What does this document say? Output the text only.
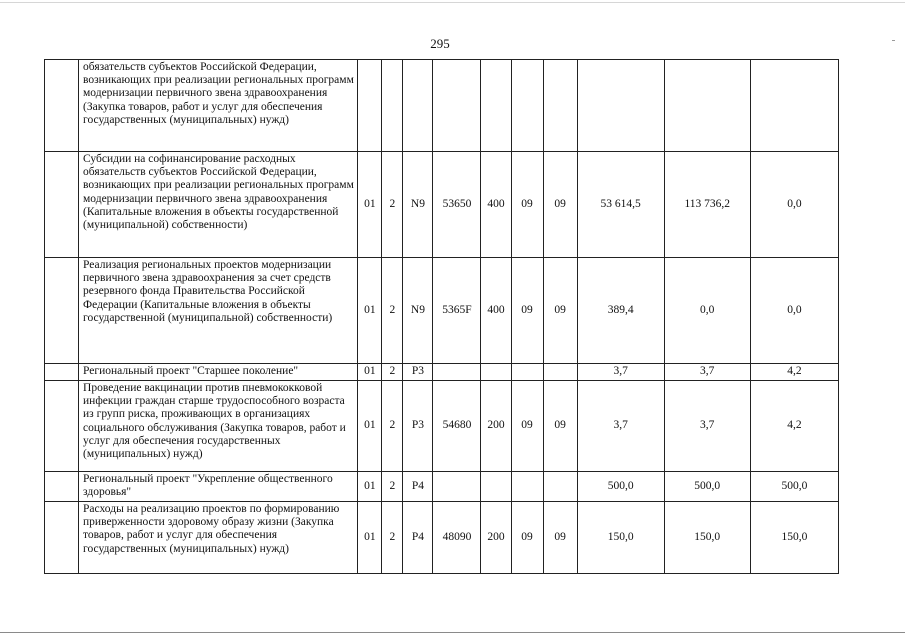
295
	обязательств субъектов Российской Федерации, возникающих при реализации региональных программ модернизации первичного звена здравоохранения (Закупка товаров, работ и услуг для обеспечения государственных (муниципальных) нужд)										
	Субсидии на софинансирование расходных обязательств субъектов Российской Федерации, возникающих при реализации региональных программ модернизации первичного звена здравоохранения (Капитальные вложения в объекты государственной (муниципальной) собственности)	01	2	N9	53650	400	09	09	53 614,5	113 736,2	0,0
	Реализация региональных проектов модернизации первичного звена здравоохранения за счет средств резервного фонда Правительства Российской Федерации (Капитальные вложения в объекты государственной (муниципальной) собственности)	01	2	N9	5365F	400	09	09	389,4	0,0	0,0
	Региональный проект "Старшее поколение"	01	2	P3					3,7	3,7	4,2
	Проведение вакцинации против пневмококковой инфекции граждан старше трудоспособного возраста из групп риска, проживающих в организациях социального обслуживания (Закупка товаров, работ и услуг для обеспечения государственных (муниципальных) нужд)	01	2	P3	54680	200	09	09	3,7	3,7	4,2
	Региональный проект "Укрепление общественного здоровья"	01	2	P4					500,0	500,0	500,0
	Расходы на реализацию проектов по формированию приверженности здоровому образу жизни (Закупка товаров, работ и услуг для обеспечения государственных (муниципальных) нужд)	01	2	P4	48090	200	09	09	150,0	150,0	150,0
